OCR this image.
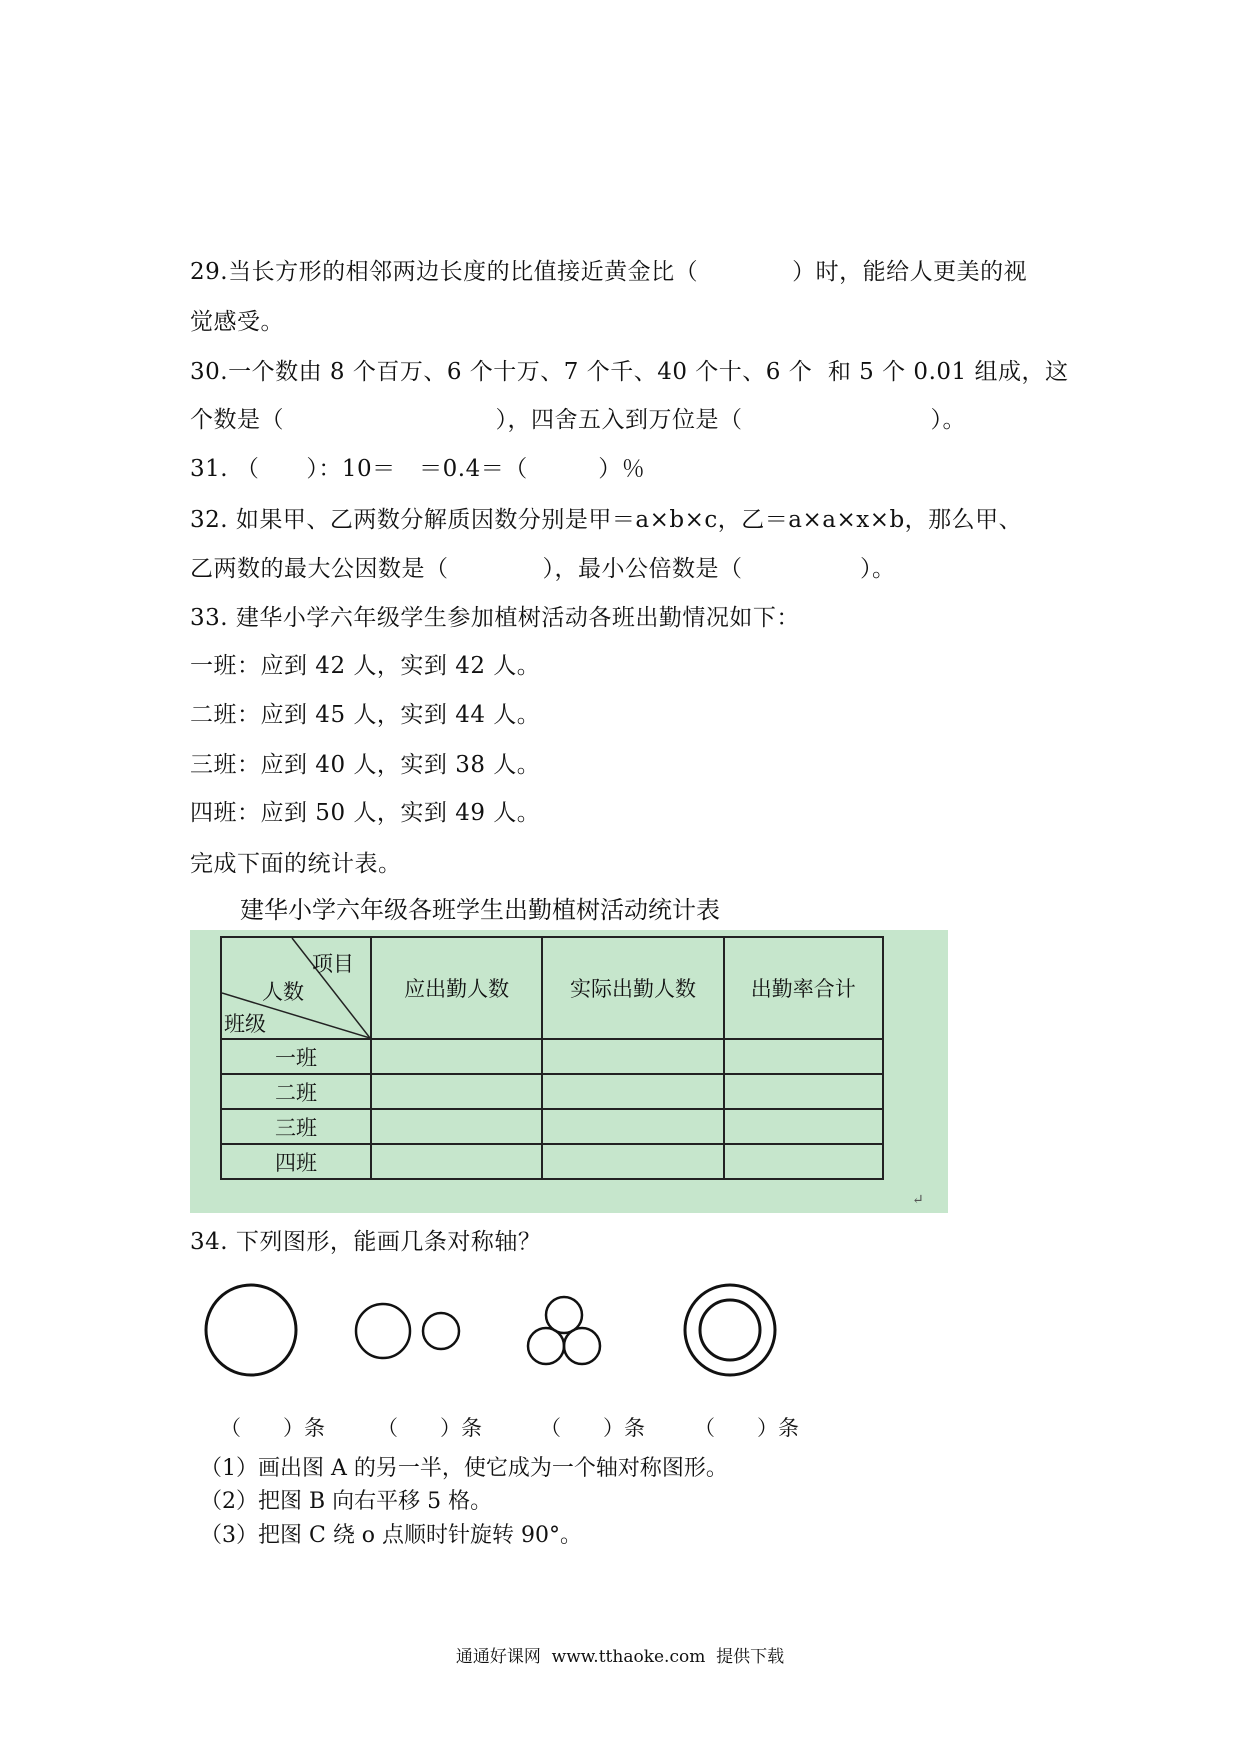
29.当长方形的相邻两边长度的比值接近黄金比（　　　　）时，能给人更美的视
觉感受。
30.一个数由 8 个百万、6 个十万、7 个千、40 个十、6 个  和 5 个 0.01 组成，这
个数是（　　　　　　　　　），四舍五入到万位是（　　　　　　　　）。
31. （　　）：10＝　＝0.4＝（　　　）％
32. 如果甲、乙两数分解质因数分别是甲＝a×b×c，乙＝a×a×x×b，那么甲、
乙两数的最大公因数是（　　　　），最小公倍数是（　　　　　）。
33. 建华小学六年级学生参加植树活动各班出勤情况如下：
一班：应到 42 人，实到 42 人。
二班：应到 45 人，实到 44 人。
三班：应到 40 人，实到 38 人。
四班：应到 50 人，实到 49 人。
完成下面的统计表。
建华小学六年级各班学生出勤植树活动统计表
项目
人数
班级	应出勤人数	实际出勤人数	出勤率合计
一班			
二班			
三班			
四班			
↵
34. 下列图形，能画几条对称轴？
（　　）条 （　　）条	（　　）条 （　　）条
（1）画出图 A 的另一半，使它成为一个轴对称图形。
（2）把图 B 向右平移 5 格。
（3）把图 C 绕 o 点顺时针旋转 90°。
通通好课网  www.tthaoke.com  提供下载
